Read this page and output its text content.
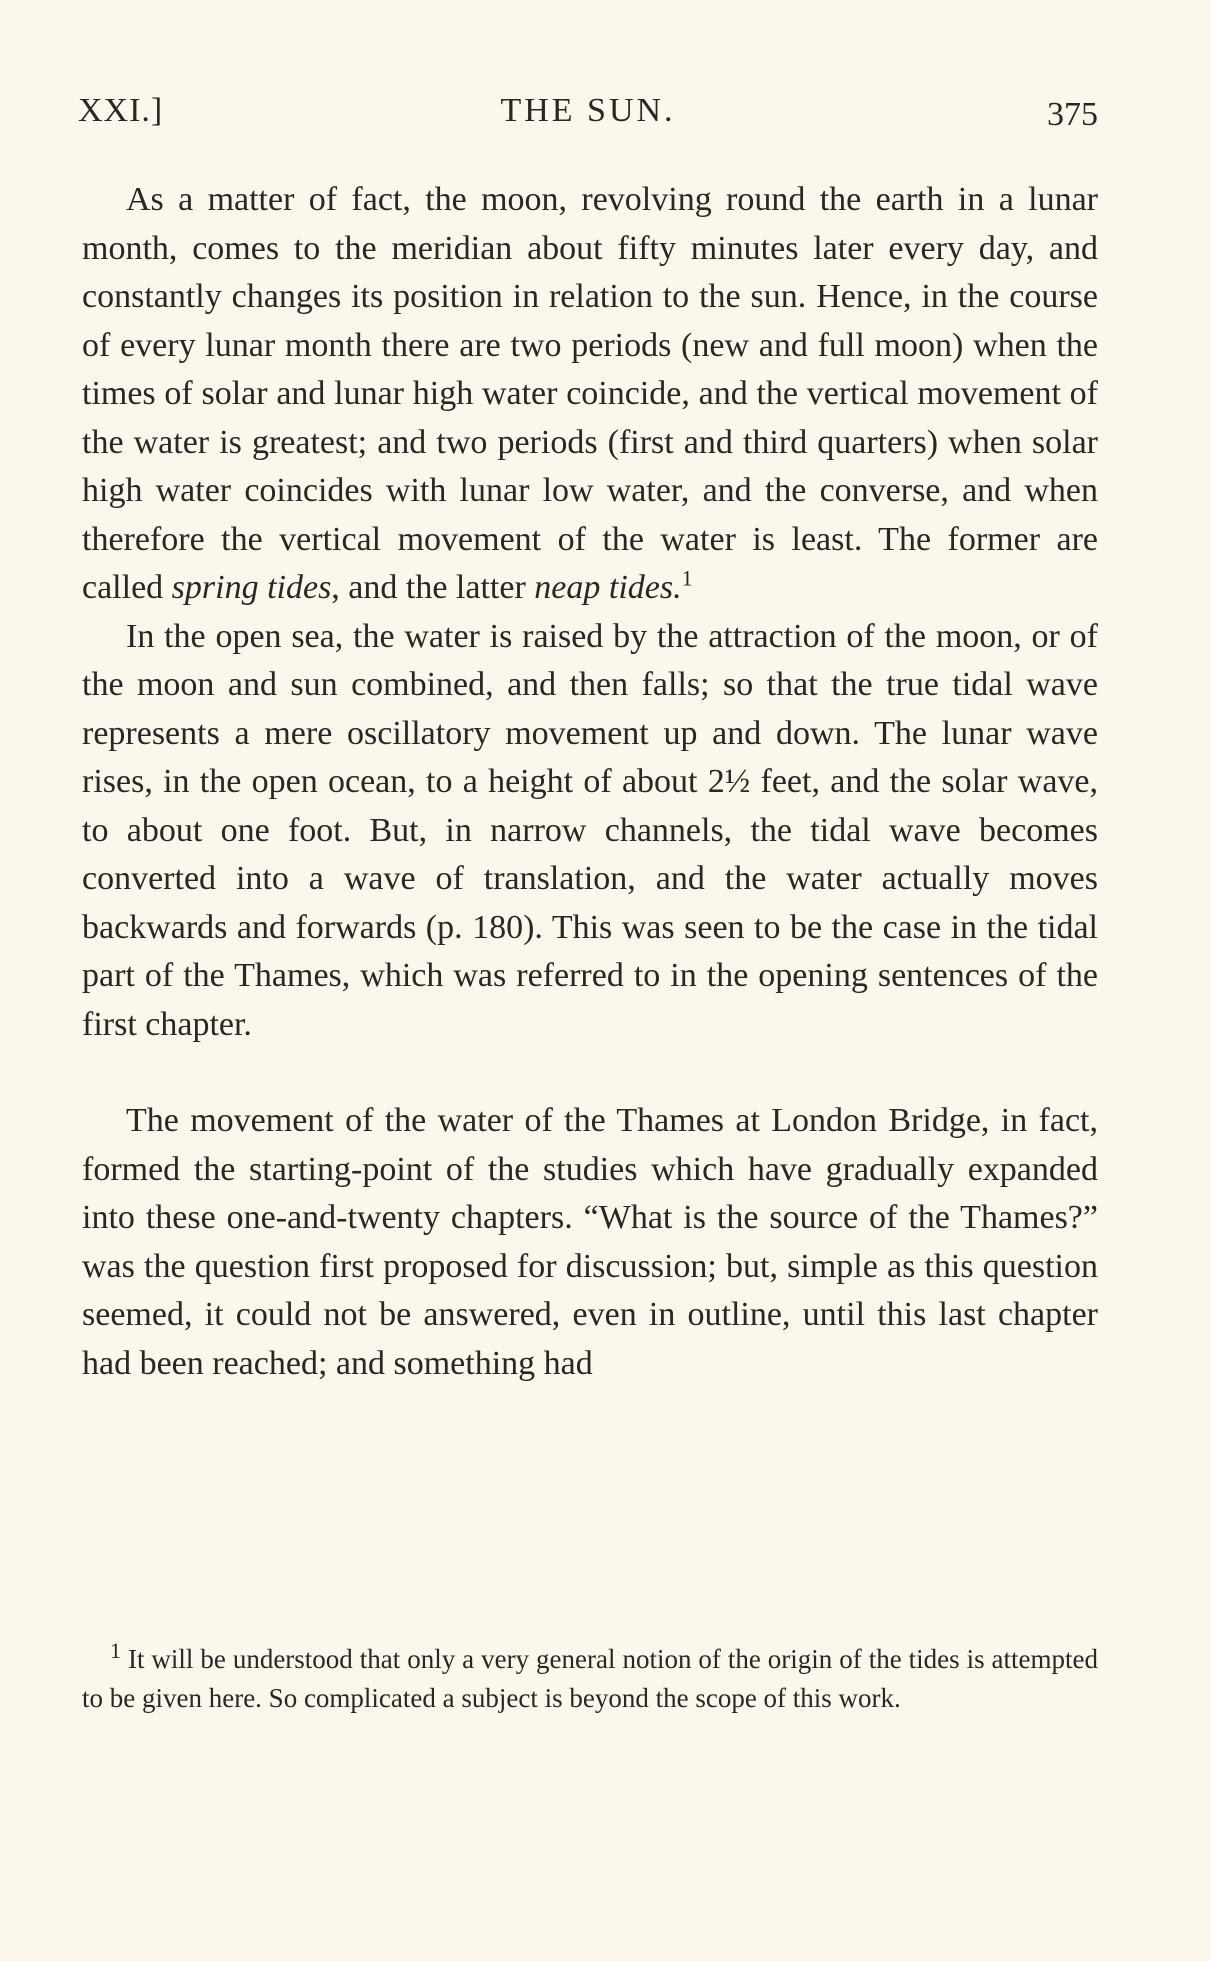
XXI.]	THE SUN.	375

As a matter of fact, the moon, revolving round the earth in a lunar month, comes to the meridian about fifty minutes later every day, and constantly changes its position in relation to the sun. Hence, in the course of every lunar month there are two periods (new and full moon) when the times of solar and lunar high water coincide, and the vertical movement of the water is greatest; and two periods (first and third quarters) when solar high water coincides with lunar low water, and the converse, and when therefore the vertical movement of the water is least. The former are called spring tides, and the latter neap tides.$^1$

In the open sea, the water is raised by the attraction of the moon, or of the moon and sun combined, and then falls; so that the true tidal wave represents a mere oscillatory movement up and down. The lunar wave rises, in the open ocean, to a height of about 2½ feet, and the solar wave, to about one foot. But, in narrow channels, the tidal wave becomes converted into a wave of translation, and the water actually moves backwards and forwards (p. 180). This was seen to be the case in the tidal part of the Thames, which was referred to in the opening sentences of the first chapter.

The movement of the water of the Thames at London Bridge, in fact, formed the starting-point of the studies which have gradually expanded into these one-and-twenty chapters. “What is the source of the Thames?” was the question first proposed for discussion; but, simple as this question seemed, it could not be answered, even in outline, until this last chapter had been reached; and something had

$^1$ It will be understood that only a very general notion of the origin of the tides is attempted to be given here. So complicated a subject is beyond the scope of this work.
